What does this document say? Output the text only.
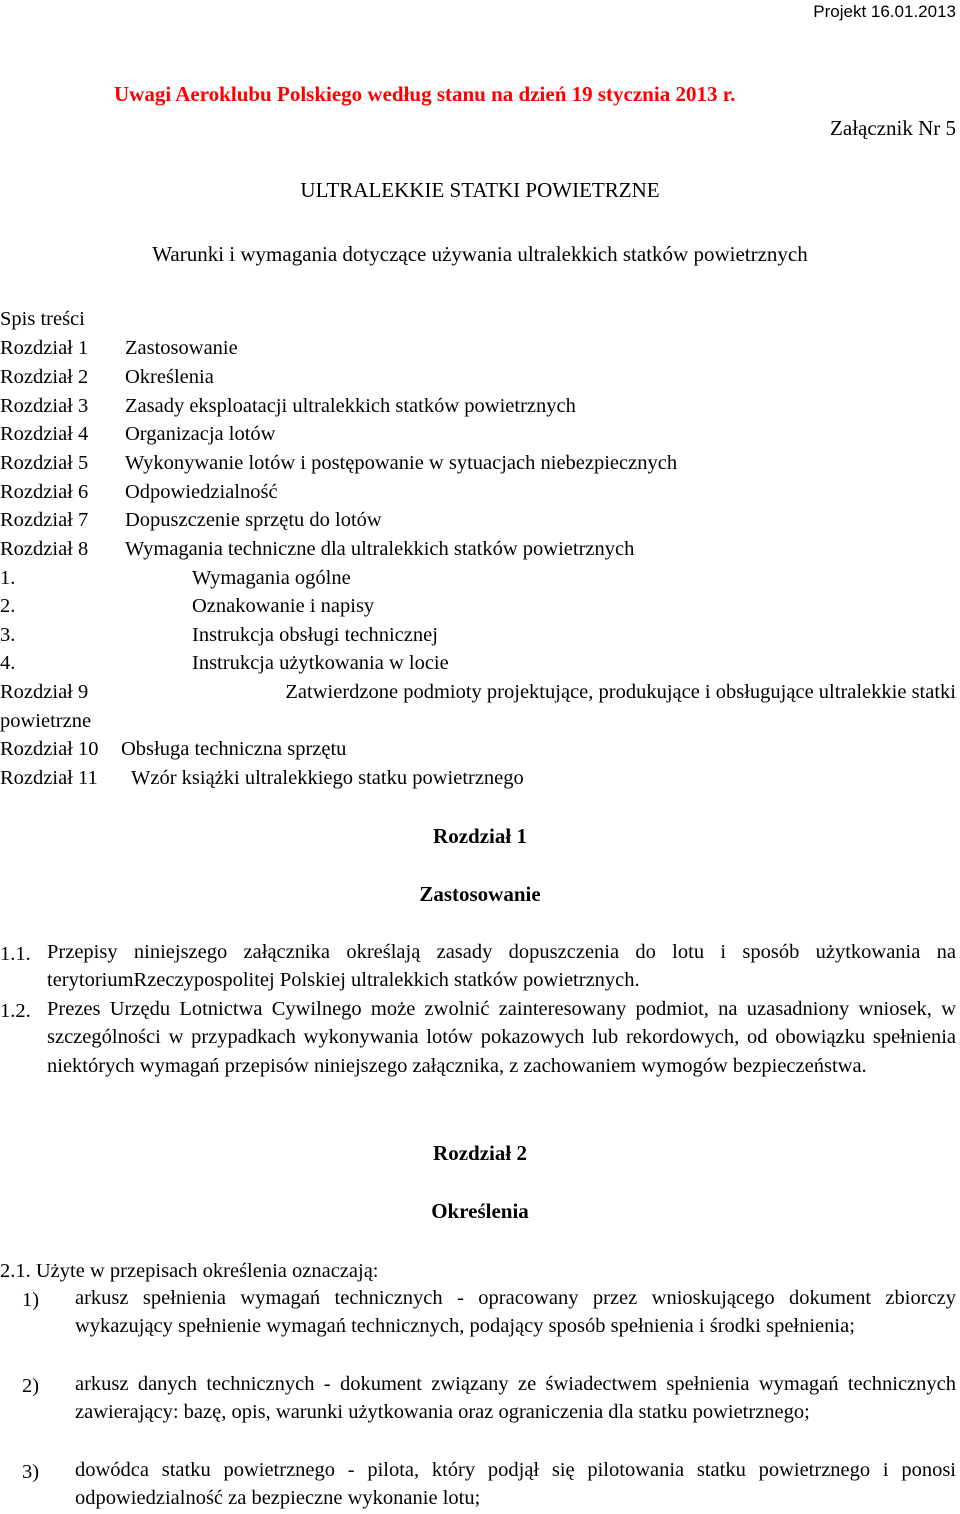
Projekt 16.01.2013

Uwagi Aeroklubu Polskiego według stanu na dzień 19 stycznia 2013 r.

Załącznik Nr 5

ULTRALEKKIE STATKI POWIETRZNE

Warunki i wymagania dotyczące używania ultralekkich statków powietrznych

Spis treści

Rozdział 1 Zastosowanie

Rozdział 2 Określenia

Rozdział 3 Zasady eksploatacji ultralekkich statków powietrznych

Rozdział 4 Organizacja lotów

Rozdział 5 Wykonywanie lotów i postępowanie w sytuacjach niebezpiecznych

Rozdział 6 Odpowiedzialność

Rozdział 7 Dopuszczenie sprzętu do lotów

Rozdział 8 Wymagania techniczne dla ultralekkich statków powietrznych

1.	Wymagania ogólne

2.	Oznakowanie i napisy

3.	Instrukcja obsługi technicznej

4.	Instrukcja użytkowania w locie

Rozdział 9	Zatwierdzone podmioty projektujące, produkujące i obsługujące ultralekkie statki

powietrzne

Rozdział 10 Obsługa techniczna sprzętu

Rozdział 11 Wzór książki ultralekkiego statku powietrznego

Rozdział 1

Zastosowanie

1.1. Przepisy niniejszego załącznika określają zasady dopuszczenia do lotu i sposób użytkowania na terytoriumRzeczypospolitej Polskiej ultralekkich statków powietrznych.

1.2. Prezes Urzędu Lotnictwa Cywilnego może zwolnić zainteresowany podmiot, na uzasadniony wniosek, w szczególności w przypadkach wykonywania lotów pokazowych lub rekordowych, od obowiązku spełnienia niektórych wymagań przepisów niniejszego załącznika, z zachowaniem wymogów bezpieczeństwa.

Rozdział 2

Określenia

2.1. Użyte w przepisach określenia oznaczają:

1) arkusz spełnienia wymagań technicznych - opracowany przez wnioskującego dokument zbiorczy wykazujący spełnienie wymagań technicznych, podający sposób spełnienia i środki spełnienia;

2) arkusz danych technicznych - dokument związany ze świadectwem spełnienia wymagań technicznych zawierający: bazę, opis, warunki użytkowania oraz ograniczenia dla statku powietrznego;

3) dowódca statku powietrznego - pilota, który podjął się pilotowania statku powietrznego i ponosi odpowiedzialność za bezpieczne wykonanie lotu;
